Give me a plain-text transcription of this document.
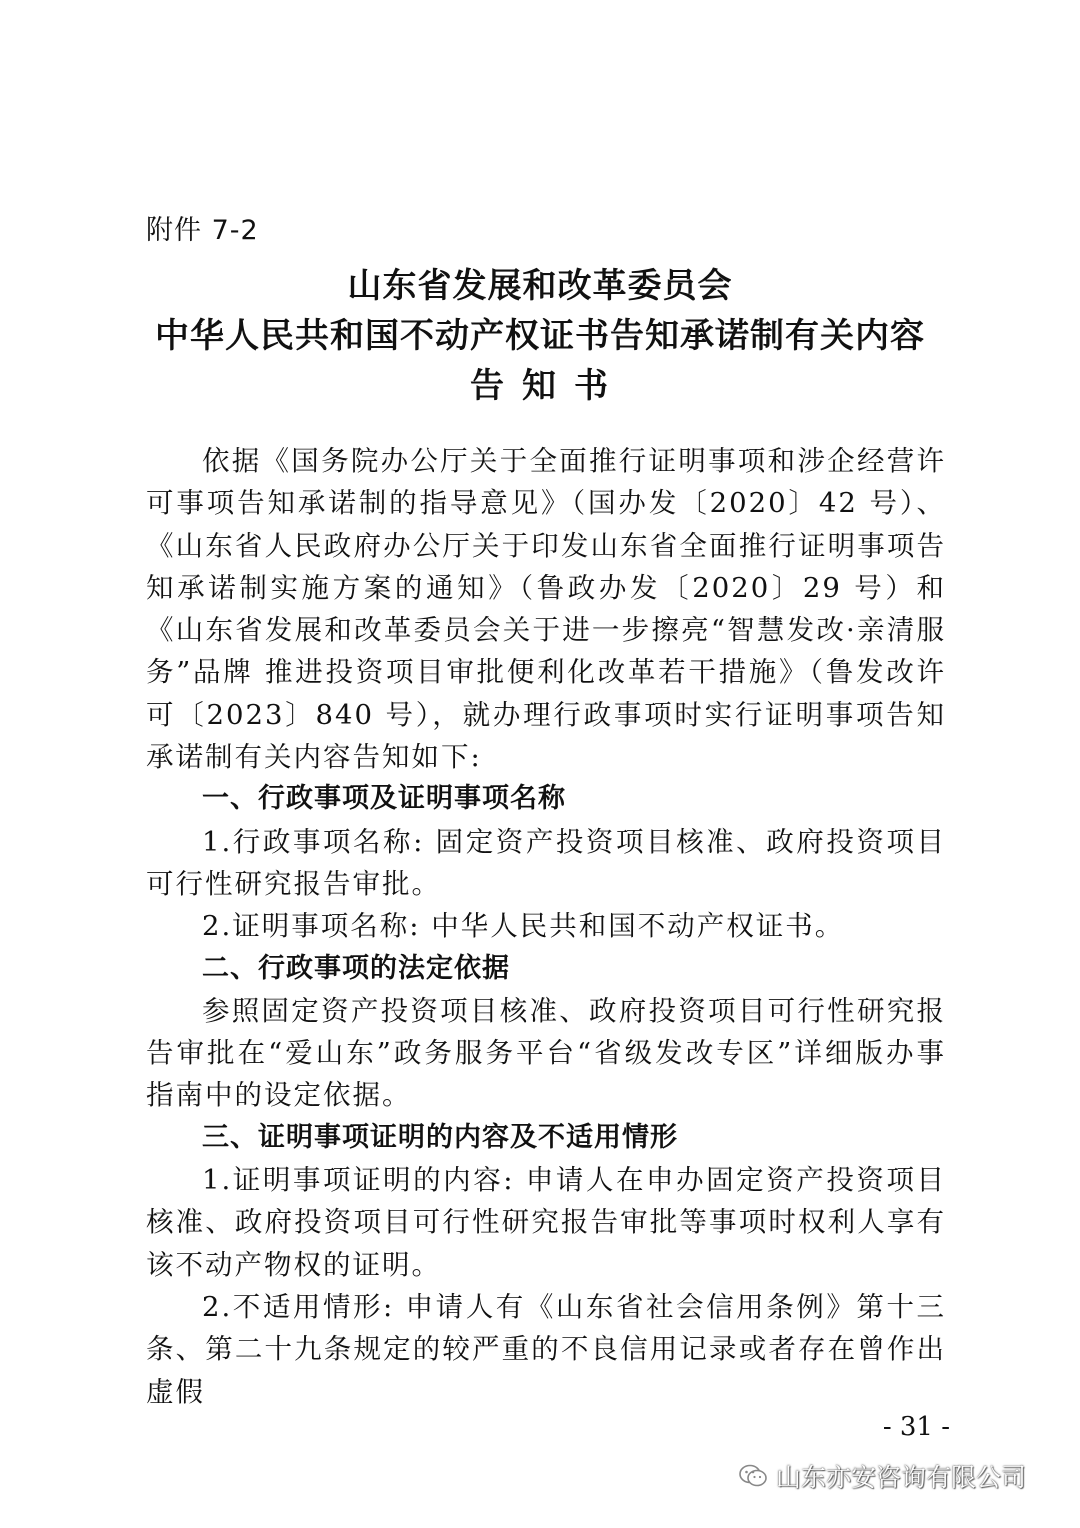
附件 7-2
山东省发展和改革委员会
中华人民共和国不动产权证书告知承诺制有关内容
告知书

依据《国务院办公厅关于全面推行证明事项和涉企经营许可事项告知承诺制的指导意见》（国办发〔2020〕42 号）、《山东省人民政府办公厅关于印发山东省全面推行证明事项告知承诺制实施方案的通知》（鲁政办发〔2020〕29 号）和《山东省发展和改革委员会关于进一步擦亮“智慧发改·亲清服务”品牌 推进投资项目审批便利化改革若干措施》（鲁发改许可〔2023〕840 号），就办理行政事项时实行证明事项告知承诺制有关内容告知如下:

一、行政事项及证明事项名称

1.行政事项名称: 固定资产投资项目核准、政府投资项目可行性研究报告审批。

2.证明事项名称: 中华人民共和国不动产权证书。

二、行政事项的法定依据

参照固定资产投资项目核准、政府投资项目可行性研究报告审批在“爱山东”政务服务平台“省级发改专区”详细版办事指南中的设定依据。

三、证明事项证明的内容及不适用情形

1.证明事项证明的内容: 申请人在申办固定资产投资项目核准、政府投资项目可行性研究报告审批等事项时权利人享有该不动产物权的证明。

2.不适用情形: 申请人有《山东省社会信用条例》第十三条、第二十九条规定的较严重的不良信用记录或者存在曾作出虚假

- 31 -
山东亦安咨询有限公司
